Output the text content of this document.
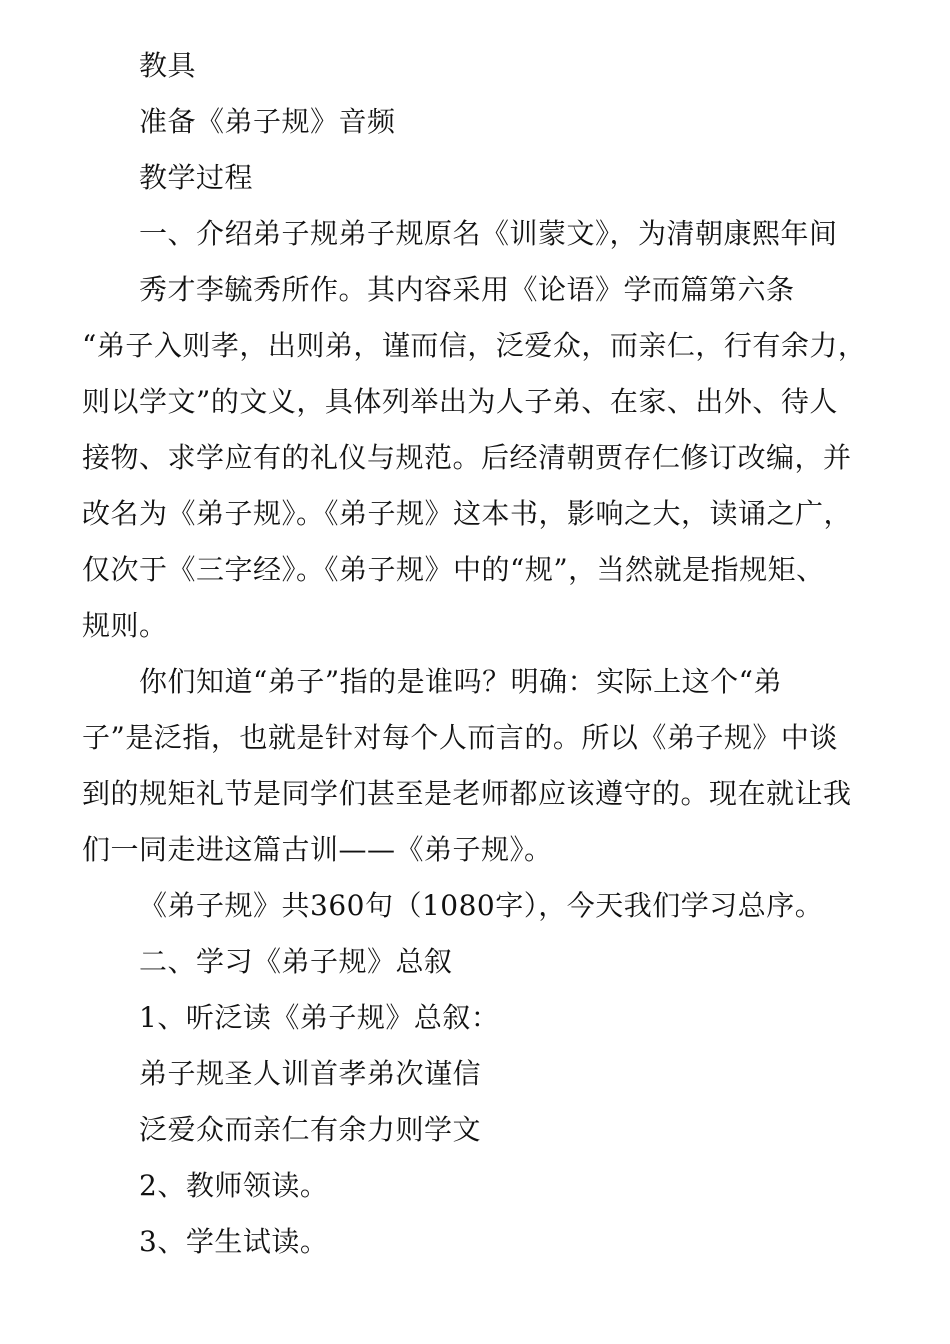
教具
准备《弟子规》音频
教学过程
一、介绍弟子规弟子规原名《训蒙文》，为清朝康熙年间
秀才李毓秀所作。其内容采用《论语》学而篇第六条
“弟子入则孝，出则弟，谨而信，泛爱众，而亲仁，行有余力，
则以学文”的文义，具体列举出为人子弟、在家、出外、待人
接物、求学应有的礼仪与规范。后经清朝贾存仁修订改编，并
改名为《弟子规》。《弟子规》这本书，影响之大，读诵之广，
仅次于《三字经》。《弟子规》中的“规”，当然就是指规矩、
规则。
你们知道“弟子”指的是谁吗？明确：实际上这个“弟
子”是泛指，也就是针对每个人而言的。所以《弟子规》中谈
到的规矩礼节是同学们甚至是老师都应该遵守的。现在就让我
们一同走进这篇古训——《弟子规》。
《弟子规》共360句（1080字），今天我们学习总序。
二、学习《弟子规》总叙
1、听泛读《弟子规》总叙：
弟子规圣人训首孝弟次谨信
泛爱众而亲仁有余力则学文
2、教师领读。
3、学生试读。
